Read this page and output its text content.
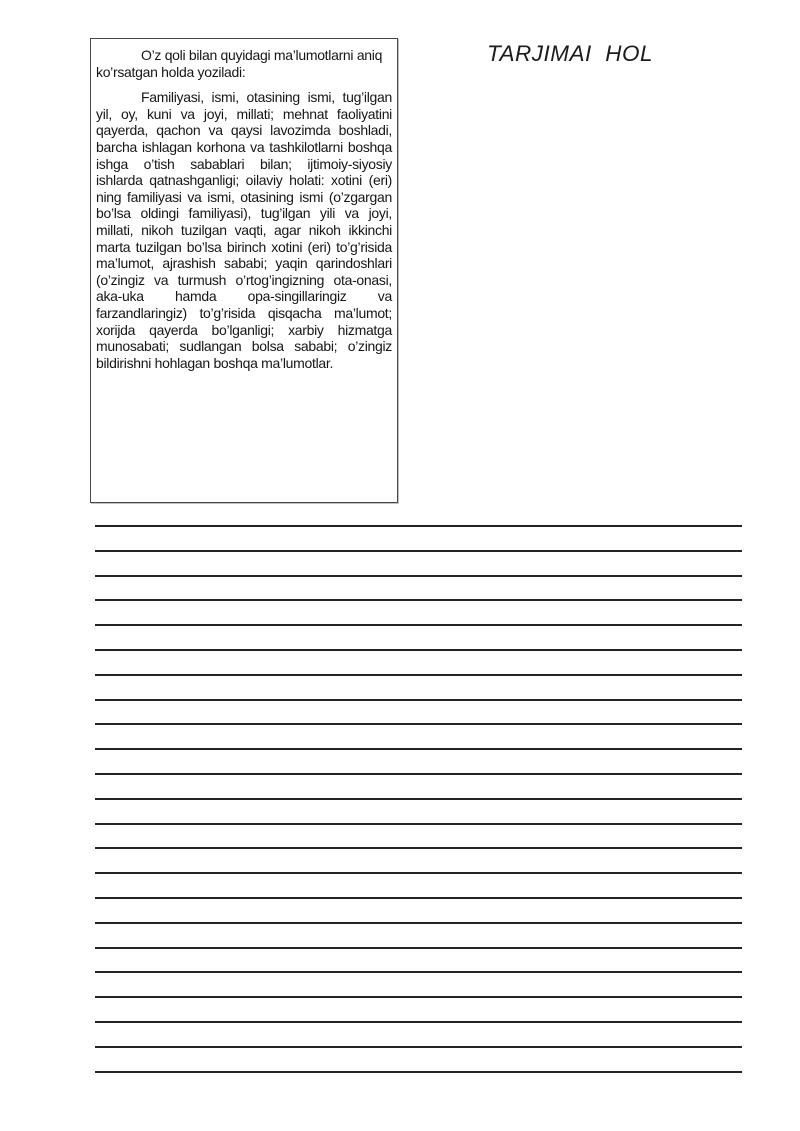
O’z qoli bilan quyidagi ma’lumotlarni aniq ko’rsatgan holda yoziladi:

Familiyasi, ismi, otasining ismi, tug’ilgan yil, oy, kuni va joyi, millati; mehnat faoliyatini qayerda, qachon va qaysi lavozimda boshladi, barcha ishlagan korhona va tashkilotlarni boshqa ishga o’tish sabablari bilan; ijtimoiy-siyosiy ishlarda qatnashganligi; oilaviy holati: xotini (eri) ning familiyasi va ismi, otasining ismi (o’zgargan bo’lsa oldingi familiyasi), tug’ilgan yili va joyi, millati, nikoh tuzilgan vaqti, agar nikoh ikkinchi marta tuzilgan bo’lsa birinch xotini (eri) to’g’risida ma’lumot, ajrashish sababi; yaqin qarindoshlari (o’zingiz va turmush o’rtog’ingizning ota-onasi, aka-uka hamda opa-singillaringiz va farzandlaringiz) to’g’risida qisqacha ma’lumot; xorijda qayerda bo’lganligi; xarbiy hizmatga munosabati; sudlangan bolsa sababi; o’zingiz bildirishni hohlagan boshqa ma’lumotlar.

TARJIMAI  HOL
